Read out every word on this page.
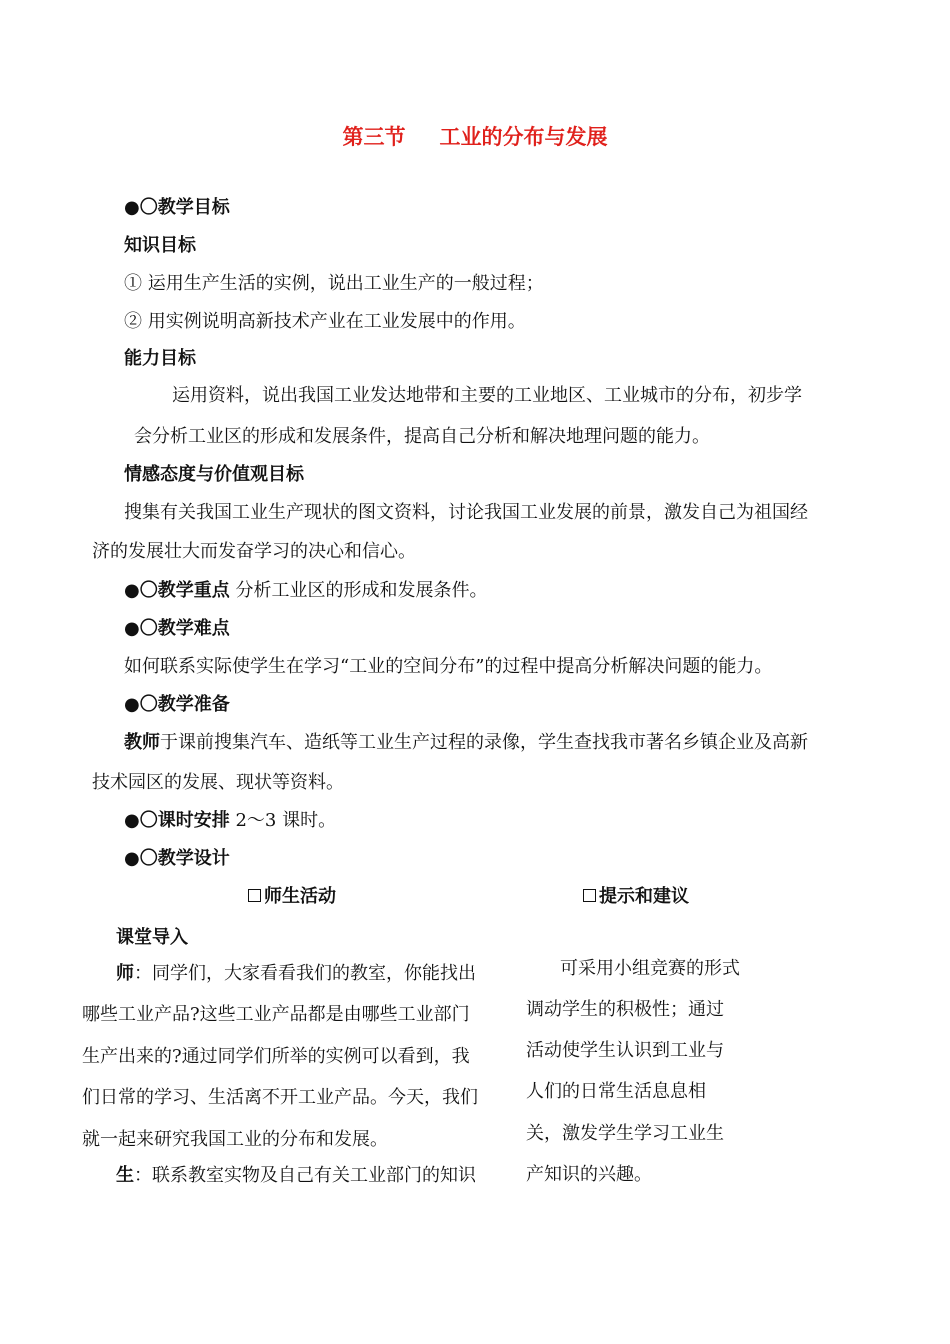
第三节 工业的分布与发展
●〇教学目标
知识目标
① 运用生产生活的实例，说出工业生产的一般过程；
② 用实例说明高新技术产业在工业发展中的作用。
能力目标
运用资料，说出我国工业发达地带和主要的工业地区、工业城市的分布，初步学
会分析工业区的形成和发展条件，提高自己分析和解决地理问题的能力。
情感态度与价值观目标
搜集有关我国工业生产现状的图文资料，讨论我国工业发展的前景，激发自己为祖国经
济的发展壮大而发奋学习的决心和信心。
●〇教学重点 分析工业区的形成和发展条件。
●〇教学难点
如何联系实际使学生在学习“工业的空间分布”的过程中提高分析解决问题的能力。
●〇教学准备
教师于课前搜集汽车、造纸等工业生产过程的录像，学生查找我市著名乡镇企业及高新
技术园区的发展、现状等资料。
●〇课时安排 2～3 课时。
●〇教学设计
师生活动	提示和建议
课堂导入
师：同学们，大家看看我们的教室，你能找出
哪些工业产品?这些工业产品都是由哪些工业部门
生产出来的?通过同学们所举的实例可以看到，我
们日常的学习、生活离不开工业产品。今天，我们
就一起来研究我国工业的分布和发展。
生：联系教室实物及自己有关工业部门的知识
可采用小组竞赛的形式
调动学生的积极性；通过
活动使学生认识到工业与
人们的日常生活息息相
关，激发学生学习工业生
产知识的兴趣。
